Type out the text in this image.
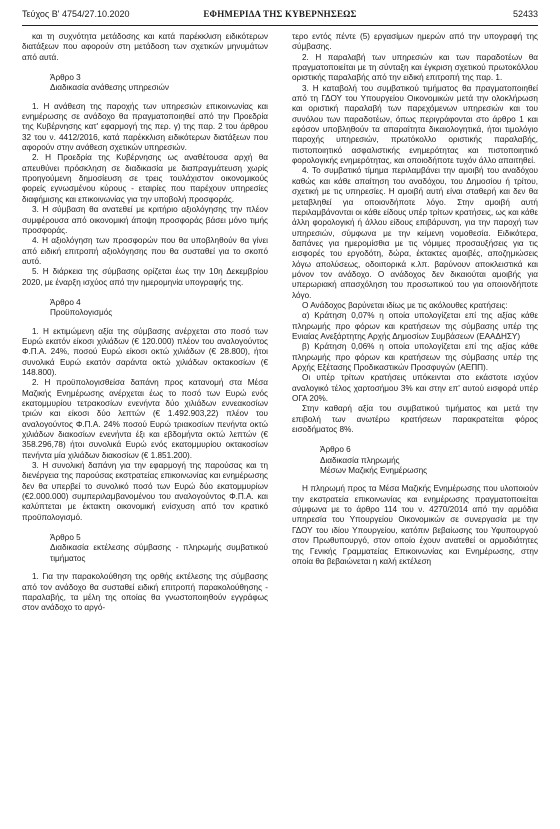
Τεύχος Β' 4754/27.10.2020	ΕΦΗΜΕΡΙΔΑ ΤΗΣ ΚΥΒΕΡΝΗΣΕΩΣ	52433

και τη συχνότητα μετάδοσης και κατά παρέκκλιση ειδικότερων διατάξεων που αφορούν στη μετάδοση των σχετικών μηνυμάτων από αυτά.

Άρθρο 3

Διαδικασία ανάθεσης υπηρεσιών

1. Η ανάθεση της παροχής των υπηρεσιών επικοινωνίας και ενημέρωσης σε ανάδοχο θα πραγματοποιηθεί από την Προεδρία της Κυβέρνησης κατ' εφαρμογή της περ. γ) της παρ. 2 του άρθρου 32 του ν. 4412/2016, κατά παρέκκλιση ειδικότερων διατάξεων που αφορούν στην ανάθεση σχετικών υπηρεσιών.

2. Η Προεδρία της Κυβέρνησης ως αναθέτουσα αρχή θα απευθύνει πρόσκληση σε διαδικασία με διαπραγμάτευση χωρίς προηγούμενη δημοσίευση σε τρεις τουλάχιστον οικονομικούς φορείς εγνωσμένου κύρους - εταιρίες που παρέχουν υπηρεσίες διαφήμισης και επικοινωνίας για την υποβολή προσφοράς.

3. Η σύμβαση θα ανατεθεί με κριτήριο αξιολόγησης την πλέον συμφέρουσα από οικονομική άποψη προσφοράς βάσει μόνο τιμής προσφοράς.

4. Η αξιολόγηση των προσφορών που θα υποβληθούν θα γίνει από ειδική επιτροπή αξιολόγησης που θα συσταθεί για το σκοπό αυτό.

5. Η διάρκεια της σύμβασης ορίζεται έως την 10η Δεκεμβρίου 2020, με έναρξη ισχύος από την ημερομηνία υπογραφής της.

Άρθρο 4

Προϋπολογισμός

1. Η εκτιμώμενη αξία της σύμβασης ανέρχεται στο ποσό των Ευρώ εκατόν είκοσι χιλιάδων (€ 120.000) πλέον του αναλογούντος Φ.Π.Α. 24%, ποσού Ευρώ είκοσι οκτώ χιλιάδων (€ 28.800), ήτοι συνολικά Ευρώ εκατόν σαράντα οκτώ χιλιάδων οκτακοσίων (€ 148.800).

2. Η προϋπολογισθείσα δαπάνη προς κατανομή στα Μέσα Μαζικής Ενημέρωσης ανέρχεται έως το ποσό των Ευρώ ενός εκατομμυρίου τετρακοσίων ενενήντα δύο χιλιάδων εννεακοσίων τριών και είκοσι δύο λεπτών (€ 1.492.903,22) πλέον του αναλογούντος Φ.Π.Α. 24% ποσού Ευρώ τριακοσίων πενήντα οκτώ χιλιάδων διακοσίων ενενήντα έξι και εβδομήντα οκτώ λεπτών (€ 358.296,78) ήτοι συνολικά Ευρώ ενός εκατομμυρίου οκτακοσίων πενήντα μία χιλιάδων διακοσίων (€ 1.851.200).

3. Η συνολική δαπάνη για την εφαρμογή της παρούσας και τη διενέργεια της παρούσας εκστρατείας επικοινωνίας και ενημέρωσης δεν θα υπερβεί το συνολικό ποσό των Ευρώ δύο εκατομμυρίων (€2.000.000) συμπεριλαμβανομένου του αναλογούντος Φ.Π.Α. και καλύπτεται με έκτακτη οικονομική ενίσχυση από τον κρατικό προϋπολογισμό.

Άρθρο 5

Διαδικασία εκτέλεσης σύμβασης - πληρωμής συμβατικού τιμήματος

1. Για την παρακολούθηση της ορθής εκτέλεσης της σύμβασης από τον ανάδοχο θα συσταθεί ειδική επιτροπή παρακολούθησης - παραλαβής, τα μέλη της οποίας θα γνωστοποιηθούν εγγράφως στον ανάδοχο το αργό-

τερο εντός πέντε (5) εργασίμων ημερών από την υπογραφή της σύμβασης.

2. Η παραλαβή των υπηρεσιών και των παραδοτέων θα πραγματοποιείται με τη σύνταξη και έγκριση σχετικού πρωτοκόλλου οριστικής παραλαβής από την ειδική επιτροπή της παρ. 1.

3. Η καταβολή του συμβατικού τιμήματος θα πραγματοποιηθεί από τη ΓΔΟΥ του Υπουργείου Οικονομικών μετά την ολοκλήρωση και οριστική παραλαβή των παρεχόμενων υπηρεσιών και του συνόλου των παραδοτέων, όπως περιγράφονται στο άρθρο 1 και εφόσον υποβληθούν τα απαραίτητα δικαιολογητικά, ήτοι τιμολόγιο παροχής υπηρεσιών, πρωτόκολλο οριστικής παραλαβής, πιστοποιητικό ασφαλιστικής ενημερότητας και πιστοποιητικό φορολογικής ενημερότητας, και οποιοδήποτε τυχόν άλλο απαιτηθεί.

4. Το συμβατικό τίμημα περιλαμβάνει την αμοιβή του αναδόχου καθώς και κάθε απαίτηση του αναδόχου, του Δημοσίου ή τρίτου, σχετική με τις υπηρεσίες. Η αμοιβή αυτή είναι σταθερή και δεν θα μεταβληθεί για οποιονδήποτε λόγο. Στην αμοιβή αυτή περιλαμβάνονται οι κάθε είδους υπέρ τρίτων κρατήσεις, ως και κάθε άλλη φορολογική ή άλλου είδους επιβάρυνση, για την παροχή των υπηρεσιών, σύμφωνα με την κείμενη νομοθεσία. Ειδικότερα, δαπάνες για ημερομίσθια με τις νόμιμες προσαυξήσεις για τις εισφορές του εργοδότη, δώρα, έκτακτες αμοιβές, αποζημιώσεις λόγω απολύσεως, οδοιπορικά κ.λπ. βαρύνουν αποκλειστικά και μόνον τον ανάδοχο. Ο ανάδοχος δεν δικαιούται αμοιβής για υπερωριακή απασχόληση του προσωπικού του για οποιονδήποτε λόγο.

Ο Ανάδοχος βαρύνεται ιδίως με τις ακόλουθες κρατήσεις:

α) Κράτηση 0,07% η οποία υπολογίζεται επί της αξίας κάθε πληρωμής προ φόρων και κρατήσεων της σύμβασης υπέρ της Ενιαίας Ανεξάρτητης Αρχής Δημοσίων Συμβάσεων (ΕΑΑΔΗΣΥ)

β) Κράτηση 0,06% η οποία υπολογίζεται επί της αξίας κάθε πληρωμής προ φόρων και κρατήσεων της σύμβασης υπέρ της Αρχής Εξέτασης Προδικαστικών Προσφυγών (ΑΕΠΠ).

Οι υπέρ τρίτων κρατήσεις υπόκεινται στο εκάστοτε ισχύον αναλογικό τέλος χαρτοσήμου 3% και στην επ' αυτού εισφορά υπέρ ΟΓΑ 20%.

Στην καθαρή αξία του συμβατικού τιμήματος και μετά την επιβολή των ανωτέρω κρατήσεων παρακρατείται φόρος εισοδήματος 8%.

Άρθρο 6

Διαδικασία πληρωμής

Μέσων Μαζικής Ενημέρωσης

Η πληρωμή προς τα Μέσα Μαζικής Ενημέρωσης που υλοποιούν την εκστρατεία επικοινωνίας και ενημέρωσης πραγματοποιείται σύμφωνα με το άρθρο 114 του ν. 4270/2014 από την αρμόδια υπηρεσία του Υπουργείου Οικονομικών σε συνεργασία με την ΓΔΟΥ του ιδίου Υπουργείου, κατόπιν βεβαίωσης του Υφυπουργού στον Πρωθυπουργό, στον οποίο έχουν ανατεθεί οι αρμοδιότητες της Γενικής Γραμματείας Επικοινωνίας και Ενημέρωσης, στην οποία θα βεβαιώνεται η καλή εκτέλεση
